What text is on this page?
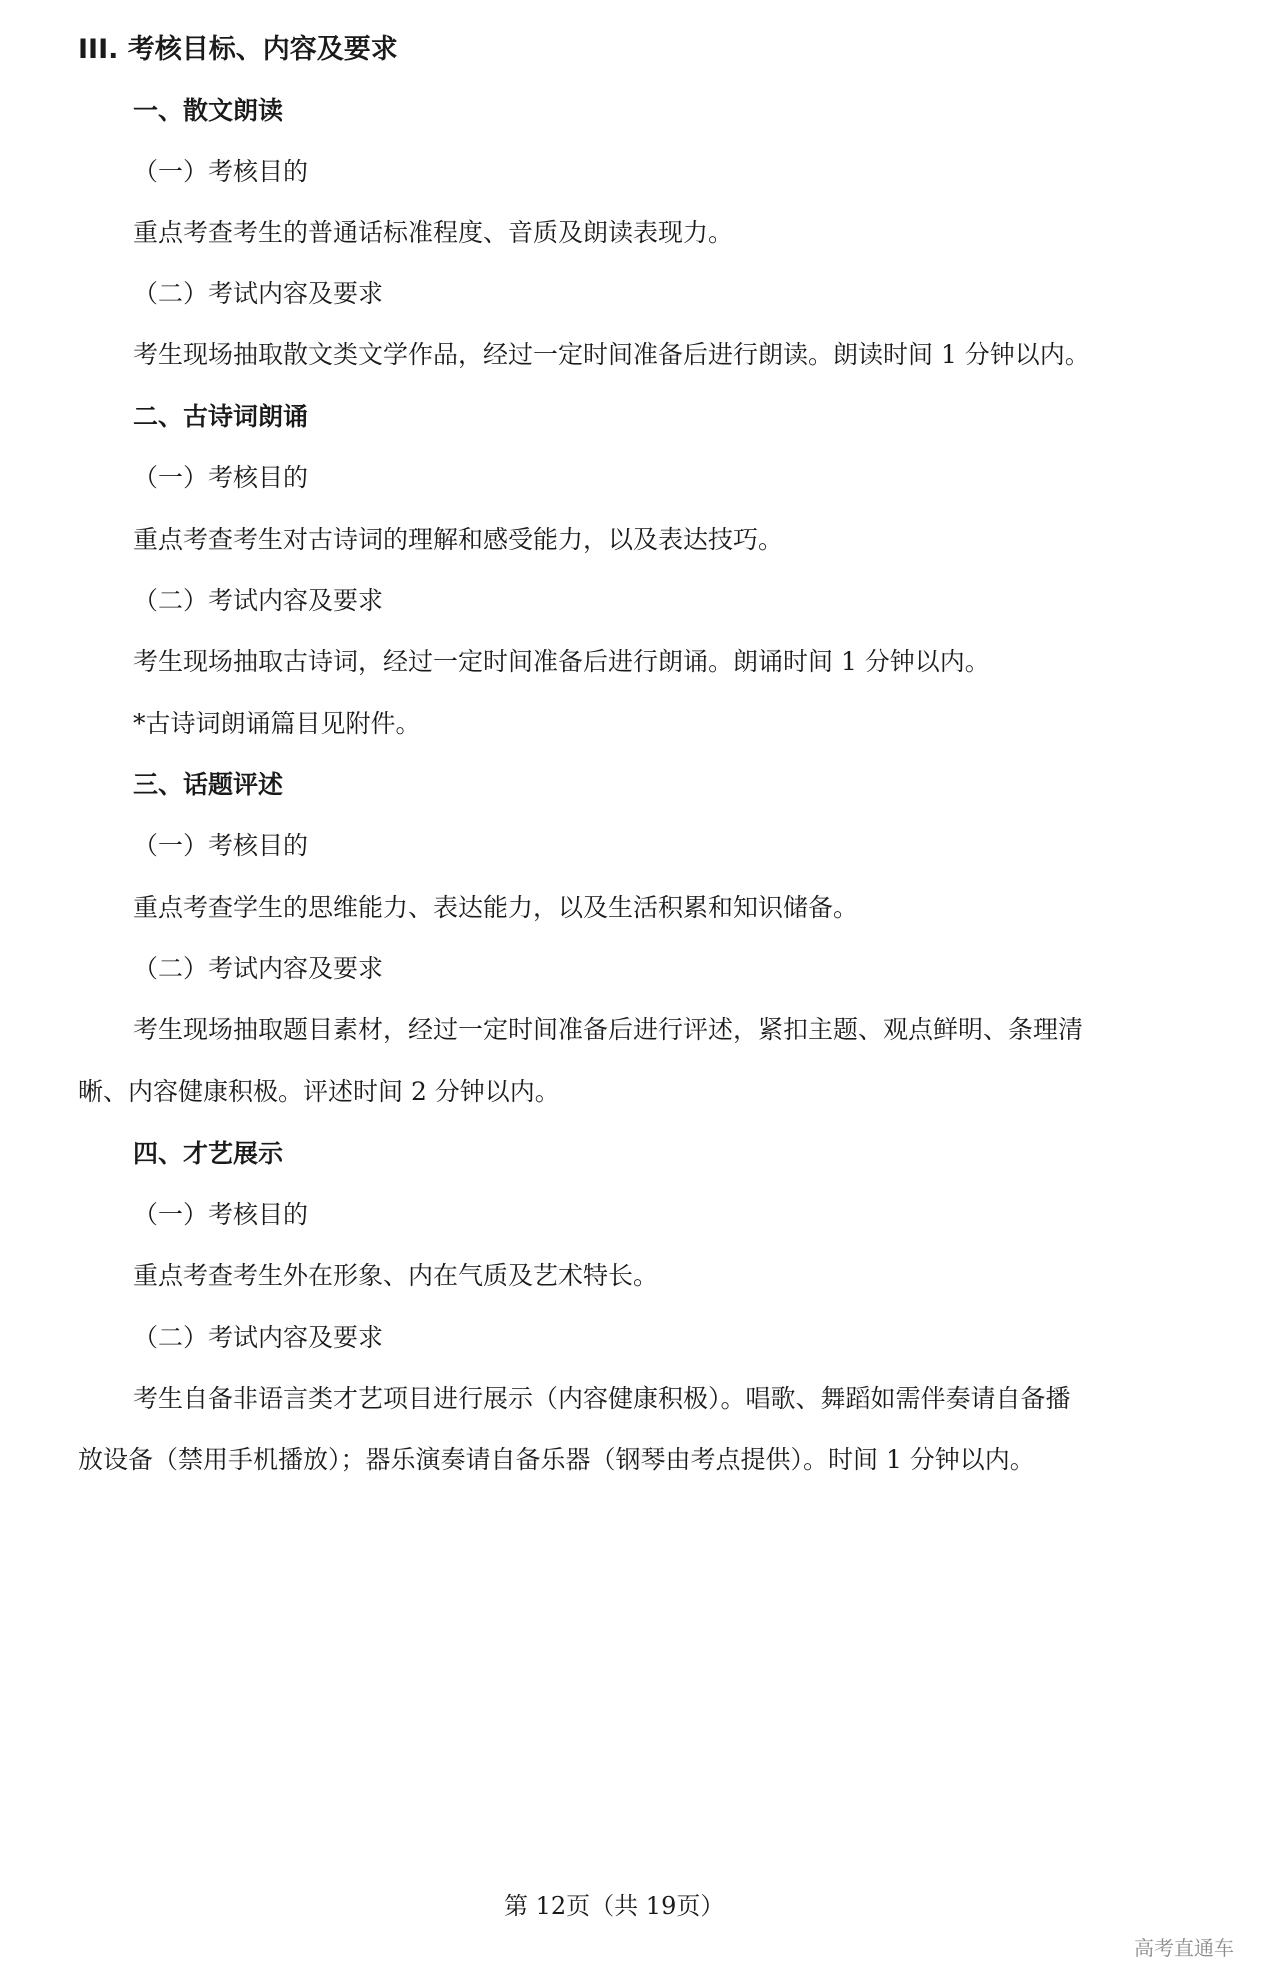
III. 考核目标、内容及要求
一、散文朗读
（一）考核目的
重点考查考生的普通话标准程度、音质及朗读表现力。
（二）考试内容及要求
考生现场抽取散文类文学作品，经过一定时间准备后进行朗读。朗读时间 1 分钟以内。
二、古诗词朗诵
（一）考核目的
重点考查考生对古诗词的理解和感受能力，以及表达技巧。
（二）考试内容及要求
考生现场抽取古诗词，经过一定时间准备后进行朗诵。朗诵时间 1 分钟以内。
*古诗词朗诵篇目见附件。
三、话题评述
（一）考核目的
重点考查学生的思维能力、表达能力，以及生活积累和知识储备。
（二）考试内容及要求
考生现场抽取题目素材，经过一定时间准备后进行评述，紧扣主题、观点鲜明、条理清
晰、内容健康积极。评述时间 2 分钟以内。
四、才艺展示
（一）考核目的
重点考查考生外在形象、内在气质及艺术特长。
（二）考试内容及要求
考生自备非语言类才艺项目进行展示（内容健康积极）。唱歌、舞蹈如需伴奏请自备播
放设备（禁用手机播放）；器乐演奏请自备乐器（钢琴由考点提供）。时间 1 分钟以内。
第 12页（共 19页）
高考直通车
